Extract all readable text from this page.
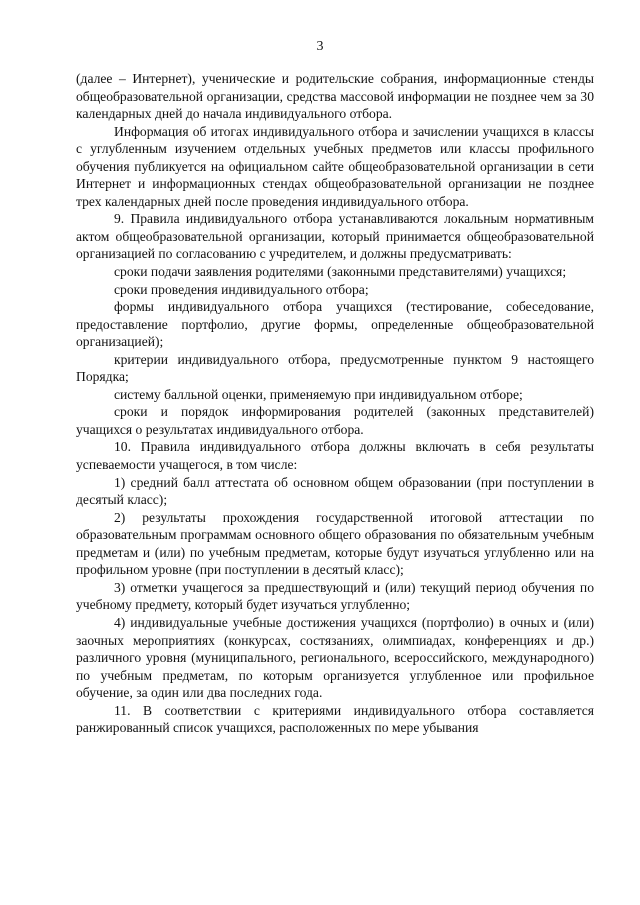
3

(далее – Интернет), ученические и родительские собрания, информационные стенды общеобразовательной организации, средства массовой информации не позднее чем за 30 календарных дней до начала индивидуального отбора.

Информация об итогах индивидуального отбора и зачислении учащихся в классы с углубленным изучением отдельных учебных предметов или классы профильного обучения публикуется на официальном сайте общеобразовательной организации в сети Интернет и информационных стендах общеобразовательной организации не позднее трех календарных дней после проведения индивидуального отбора.

9. Правила индивидуального отбора устанавливаются локальным нормативным актом общеобразовательной организации, который принимается общеобразовательной организацией по согласованию с учредителем, и должны предусматривать:

сроки подачи заявления родителями (законными представителями) учащихся;

сроки проведения индивидуального отбора;

формы индивидуального отбора учащихся (тестирование, собеседование, предоставление портфолио, другие формы, определенные общеобразовательной организацией);

критерии индивидуального отбора, предусмотренные пунктом 9 настоящего Порядка;

систему балльной оценки, применяемую при индивидуальном отборе;

сроки и порядок информирования родителей (законных представителей) учащихся о результатах индивидуального отбора.

10. Правила индивидуального отбора должны включать в себя результаты успеваемости учащегося, в том числе:

1) средний балл аттестата об основном общем образовании (при поступлении в десятый класс);

2) результаты прохождения государственной итоговой аттестации по образовательным программам основного общего образования по обязательным учебным предметам и (или) по учебным предметам, которые будут изучаться углубленно или на профильном уровне (при поступлении в десятый класс);

3) отметки учащегося за предшествующий и (или) текущий период обучения по учебному предмету, который будет изучаться углубленно;

4) индивидуальные учебные достижения учащихся (портфолио) в очных и (или) заочных мероприятиях (конкурсах, состязаниях, олимпиадах, конференциях и др.) различного уровня (муниципального, регионального, всероссийского, международного) по учебным предметам, по которым организуется углубленное или профильное обучение, за один или два последних года.

11. В соответствии с критериями индивидуального отбора составляется ранжированный список учащихся, расположенных по мере убывания
